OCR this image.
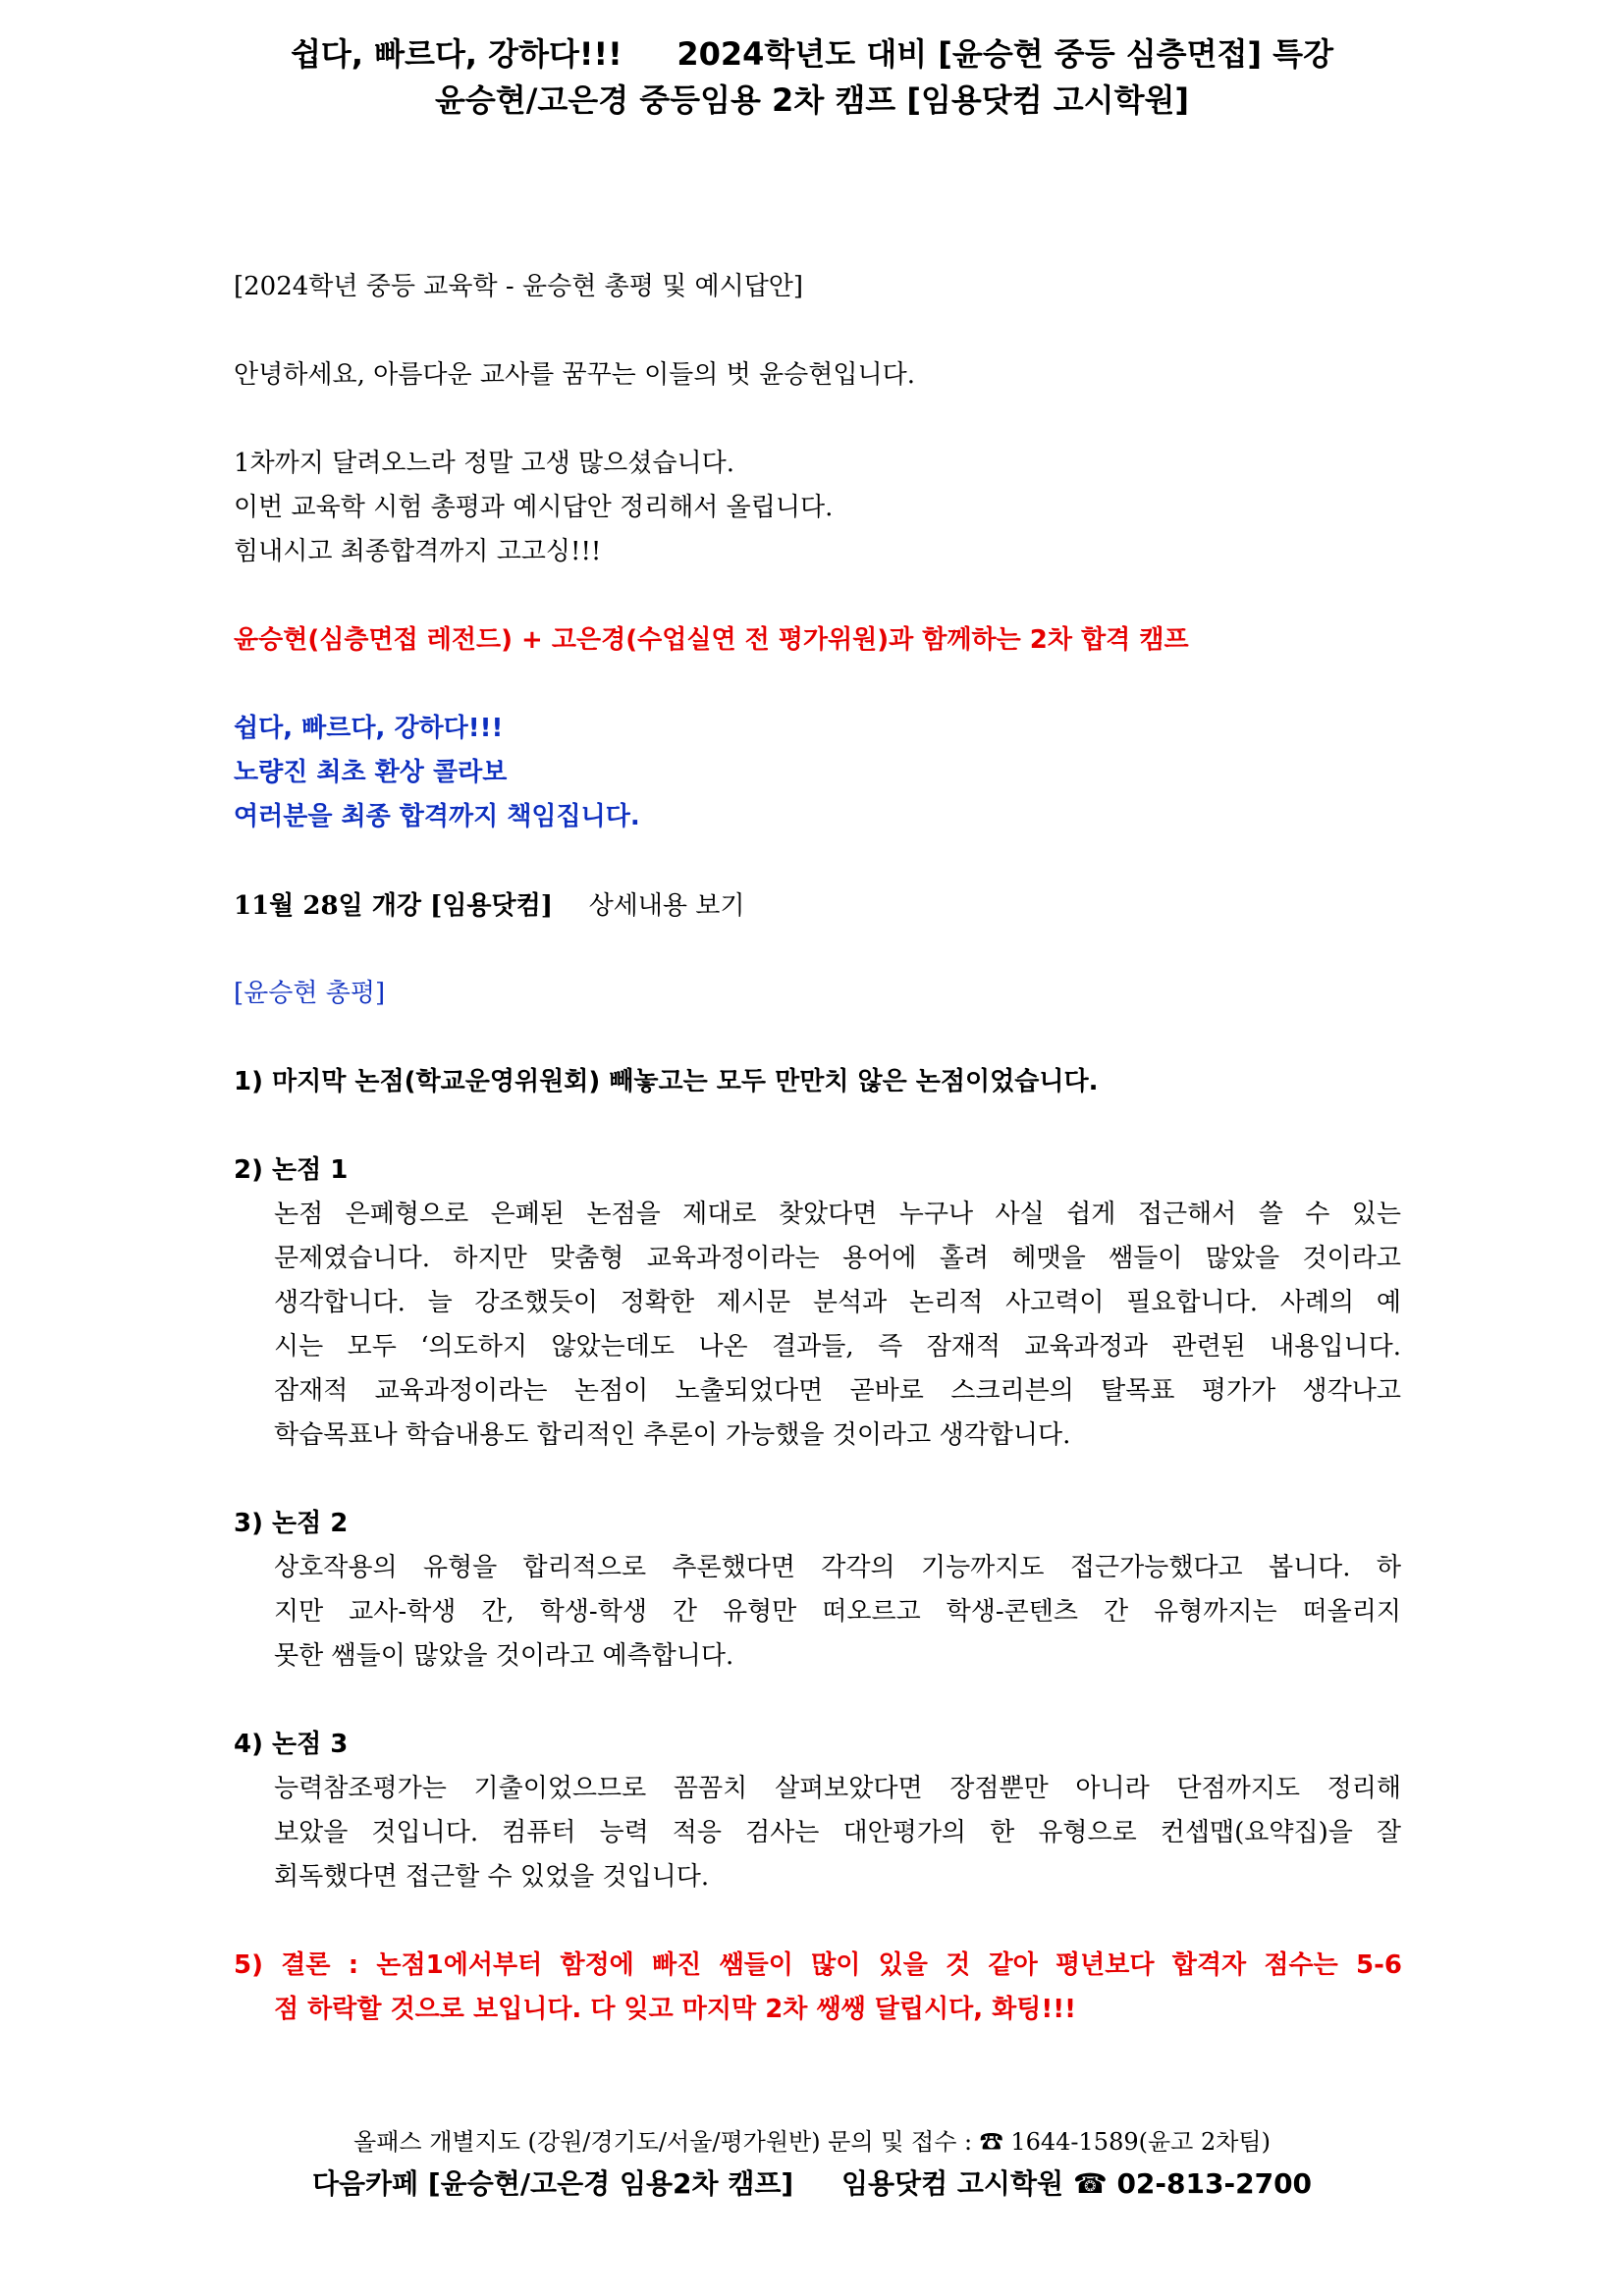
쉽다, 빠르다, 강하다!!!     2024학년도 대비 [윤승현 중등 심층면접] 특강
윤승현/고은경 중등임용 2차 캠프 [임용닷컴 고시학원]

[2024학년 중등 교육학 - 윤승현 총평 및 예시답안]

안녕하세요, 아름다운 교사를 꿈꾸는 이들의 벗 윤승현입니다.

1차까지 달려오느라 정말 고생 많으셨습니다.

이번 교육학 시험 총평과 예시답안 정리해서 올립니다.

힘내시고 최종합격까지 고고싱!!!

윤승현(심층면접 레전드) + 고은경(수업실연 전 평가위원)과 함께하는 2차 합격 캠프

쉽다, 빠르다, 강하다!!!

노량진 최초 환상 콜라보

여러분을 최종 합격까지 책임집니다.

11월 28일 개강 [임용닷컴] 상세내용 보기

[윤승현 총평]

1) 마지막 논점(학교운영위원회) 빼놓고는 모두 만만치 않은 논점이었습니다.

2) 논점 1

논점 은폐형으로 은폐된 논점을 제대로 찾았다면 누구나 사실 쉽게 접근해서 쓸 수 있는
문제였습니다. 하지만 맞춤형 교육과정이라는 용어에 홀려 헤맷을 쌤들이 많았을 것이라고
생각합니다. 늘 강조했듯이 정확한 제시문 분석과 논리적 사고력이 필요합니다. 사례의 예
시는 모두 ‘의도하지 않았는데도 나온 결과들, 즉 잠재적 교육과정과 관련된 내용입니다.
잠재적 교육과정이라는 논점이 노출되었다면 곧바로 스크리븐의 탈목표 평가가 생각나고
학습목표나 학습내용도 합리적인 추론이 가능했을 것이라고 생각합니다.

3) 논점 2

상호작용의 유형을 합리적으로 추론했다면 각각의 기능까지도 접근가능했다고 봅니다. 하
지만 교사-학생 간, 학생-학생 간 유형만 떠오르고 학생-콘텐츠 간 유형까지는 떠올리지
못한 쌤들이 많았을 것이라고 예측합니다.

4) 논점 3

능력참조평가는 기출이었으므로 꼼꼼치 살펴보았다면 장점뿐만 아니라 단점까지도 정리해
보았을 것입니다. 컴퓨터 능력 적응 검사는 대안평가의 한 유형으로 컨셉맵(요약집)을 잘
회독했다면 접근할 수 있었을 것입니다.

5) 결론 : 논점1에서부터 함정에 빠진 쌤들이 많이 있을 것 같아 평년보다 합격자 점수는 5-6

점 하락할 것으로 보입니다. 다 잊고 마지막 2차 쌩쌩 달립시다, 화팅!!!

올패스 개별지도 (강원/경기도/서울/평가원반) 문의 및 접수 : ☎ 1644-1589(윤고 2차팀)
다음카페 [윤승현/고은경 임용2차 캠프]     임용닷컴 고시학원 ☎ 02-813-2700
